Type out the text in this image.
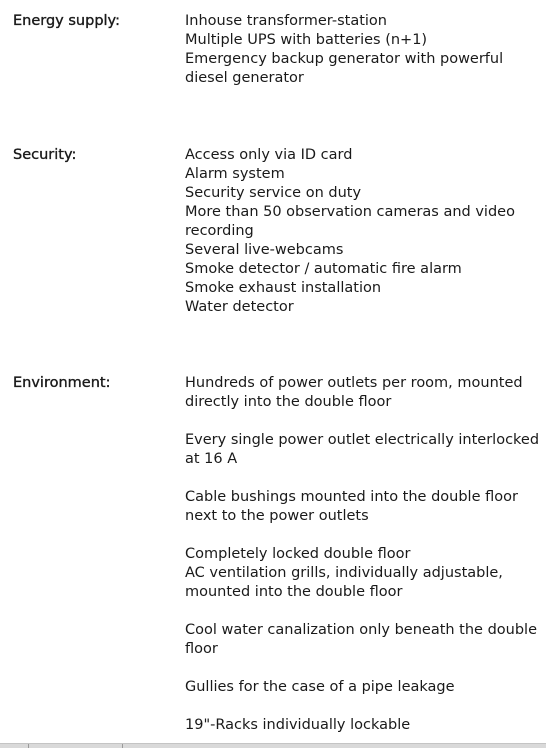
Energy supply:	Inhouse transformer-station
Multiple UPS with batteries (n+1)
Emergency backup generator with powerful diesel generator
Security:	Access only via ID card
Alarm system
Security service on duty
More than 50 observation cameras and video recording
Several live-webcams
Smoke detector / automatic fire alarm
Smoke exhaust installation
Water detector
Environment:	Hundreds of power outlets per room, mounted directly into the double floor
Every single power outlet electrically interlocked at 16 A
Cable bushings mounted into the double floor next to the power outlets
Completely locked double floor
AC ventilation grills, individually adjustable, mounted into the double floor
Cool water canalization only beneath the double floor
Gullies for the case of a pipe leakage
19"-Racks individually lockable
